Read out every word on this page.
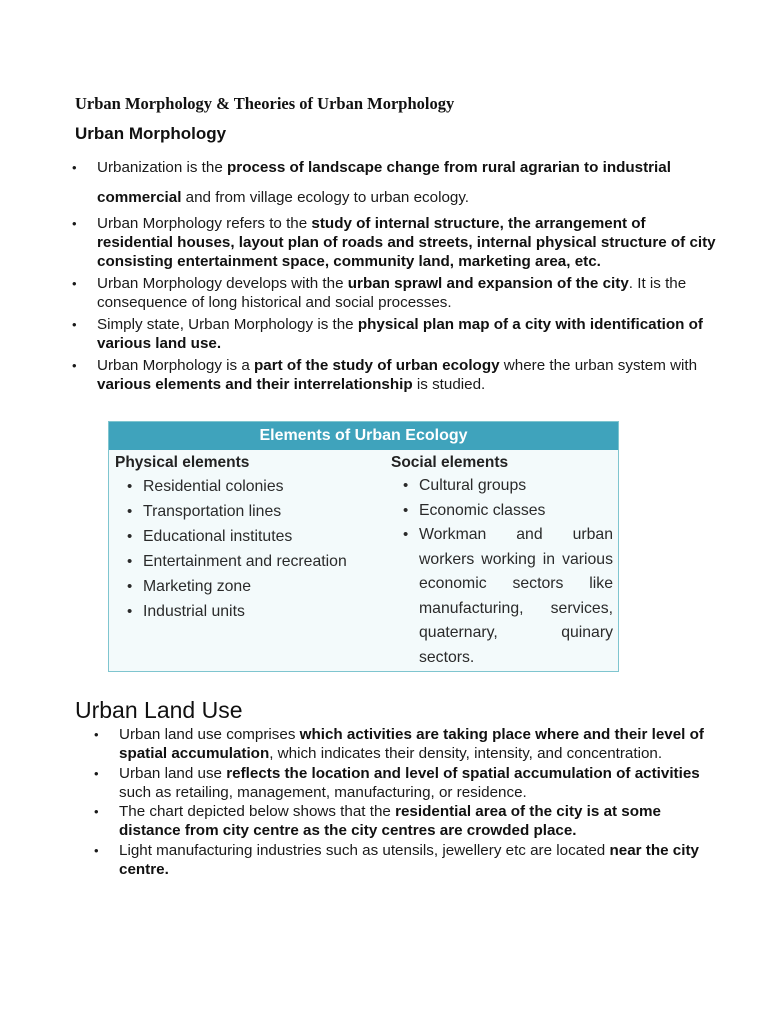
Urban Morphology & Theories of Urban Morphology
Urban Morphology
• Urbanization is the process of landscape change from rural agrarian to industrial commercial and from village ecology to urban ecology.
• Urban Morphology refers to the study of internal structure, the arrangement of residential houses, layout plan of roads and streets, internal physical structure of city consisting entertainment space, community land, marketing area, etc.
• Urban Morphology develops with the urban sprawl and expansion of the city. It is the consequence of long historical and social processes.
• Simply state, Urban Morphology is the physical plan map of a city with identification of various land use.
• Urban Morphology is a part of the study of urban ecology where the urban system with various elements and their interrelationship is studied.
Elements of Urban Ecology
Physical elements
• Residential colonies
• Transportation lines
• Educational institutes
• Entertainment and recreation
• Marketing zone
• Industrial units
Social elements
• Cultural groups
• Economic classes
• Workman and urban workers working in various economic sectors like manufacturing, services, quaternary, quinary sectors.
Urban Land Use
• Urban land use comprises which activities are taking place where and their level of spatial accumulation, which indicates their density, intensity, and concentration.
• Urban land use reflects the location and level of spatial accumulation of activities such as retailing, management, manufacturing, or residence.
• The chart depicted below shows that the residential area of the city is at some distance from city centre as the city centres are crowded place.
• Light manufacturing industries such as utensils, jewellery etc are located near the city centre.
